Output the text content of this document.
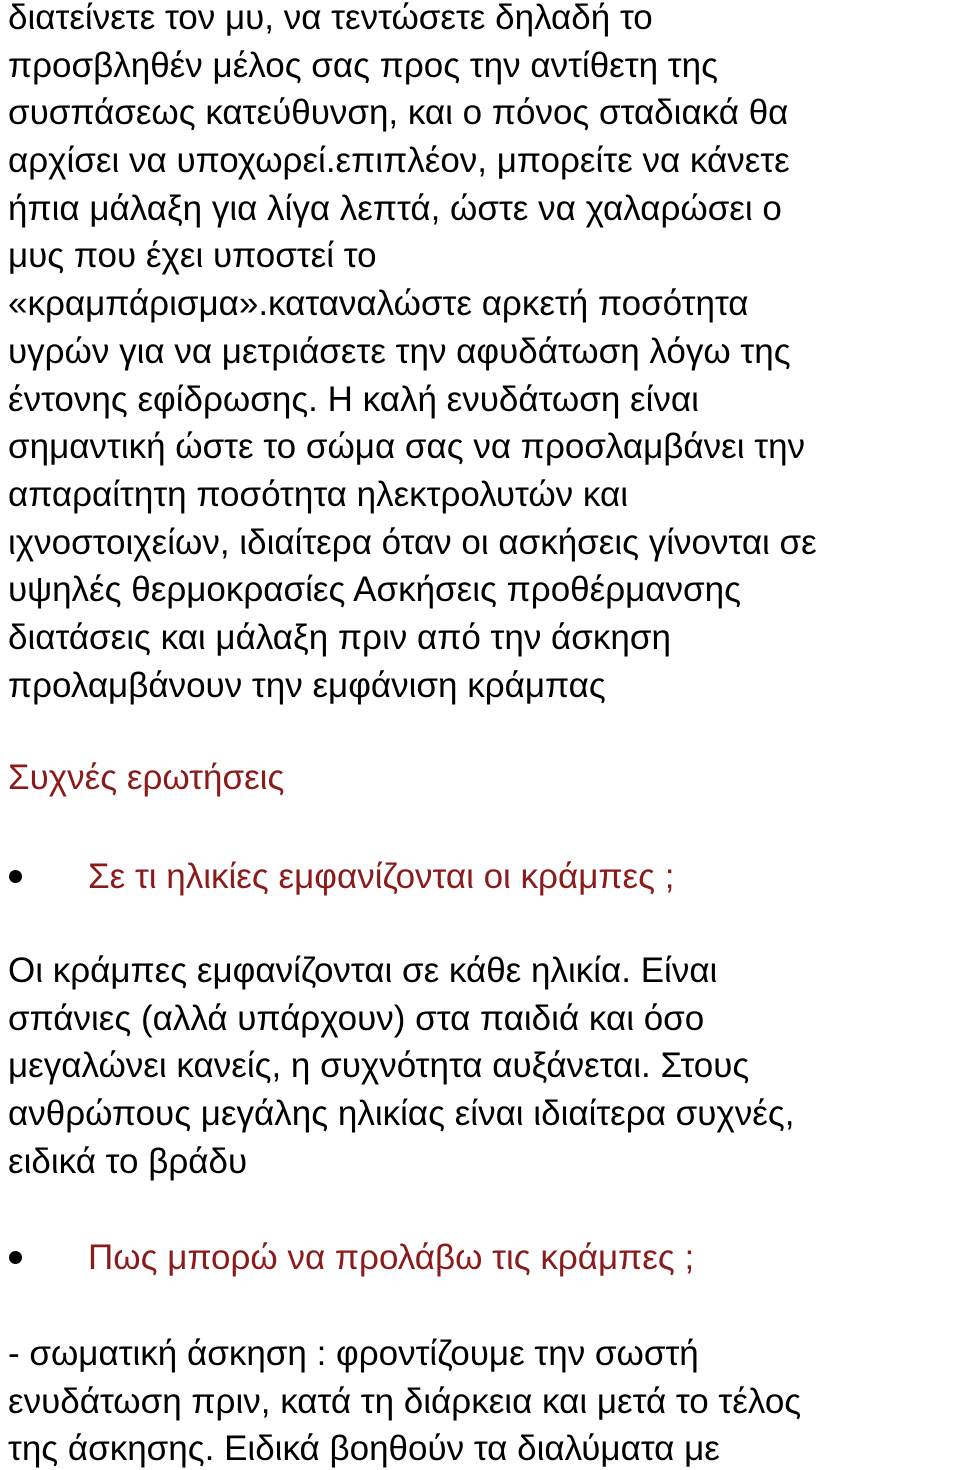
διατείνετε τον μυ, να τεντώσετε δηλαδή το
προσβληθέν μέλος σας προς την αντίθετη της
συσπάσεως κατεύθυνση, και ο πόνος σταδιακά θα
αρχίσει να υποχωρεί.επιπλέον, μπορείτε να κάνετε
ήπια μάλαξη για λίγα λεπτά, ώστε να χαλαρώσει ο
μυς που έχει υποστεί το
«κραμπάρισμα».καταναλώστε αρκετή ποσότητα
υγρών για να μετριάσετε την αφυδάτωση λόγω της
έντονης εφίδρωσης. Η καλή ενυδάτωση είναι
σημαντική ώστε το σώμα σας να προσλαμβάνει την
απαραίτητη ποσότητα ηλεκτρολυτών και
ιχνοστοιχείων, ιδιαίτερα όταν οι ασκήσεις γίνονται σε
υψηλές θερμοκρασίες Ασκήσεις προθέρμανσης
διατάσεις και μάλαξη πριν από την άσκηση
προλαμβάνουν την εμφάνιση κράμπας
Συχνές ερωτήσεις
Σε τι ηλικίες εμφανίζονται οι κράμπες ;
Οι κράμπες εμφανίζονται σε κάθε ηλικία. Είναι
σπάνιες (αλλά υπάρχουν) στα παιδιά και όσο
μεγαλώνει κανείς, η συχνότητα αυξάνεται. Στους
ανθρώπους μεγάλης ηλικίας είναι ιδιαίτερα συχνές,
ειδικά το βράδυ
Πως μπορώ να προλάβω τις κράμπες ;
- σωματική άσκηση : φροντίζουμε την σωστή
ενυδάτωση πριν, κατά τη διάρκεια και μετά το τέλος
της άσκησης. Ειδικά βοηθούν τα διαλύματα με
